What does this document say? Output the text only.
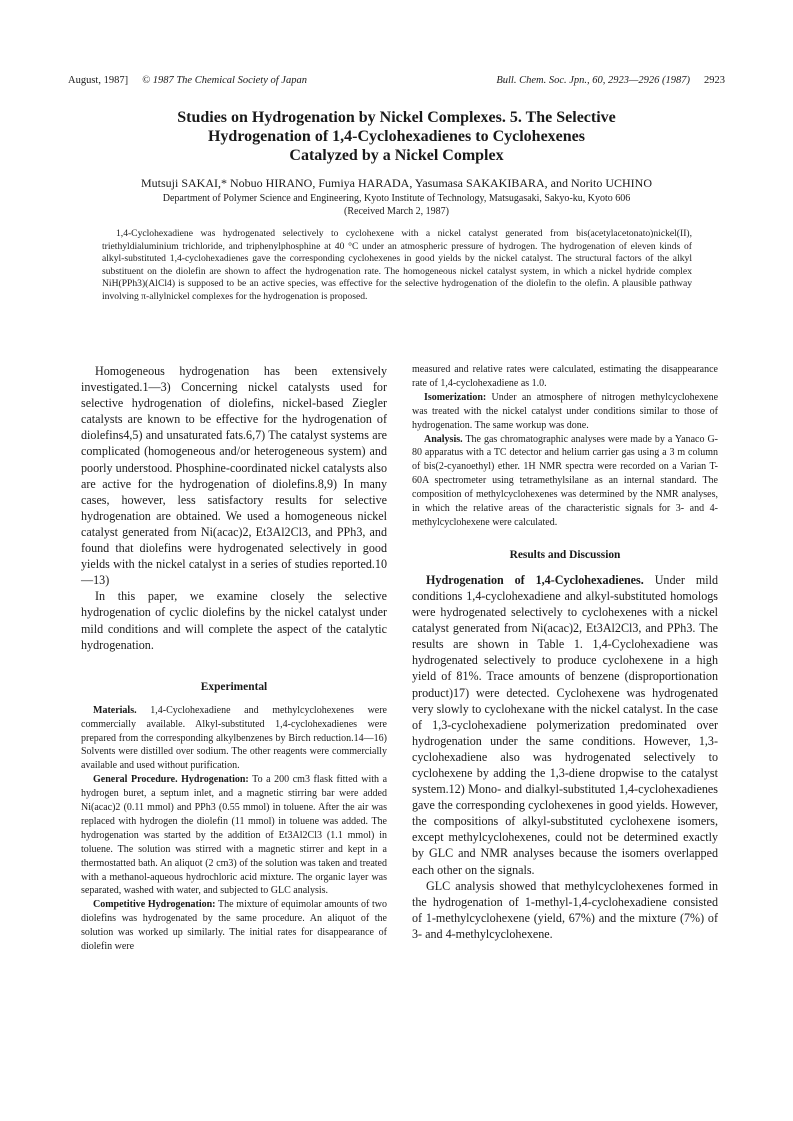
August, 1987] © 1987 The Chemical Society of Japan	Bull. Chem. Soc. Jpn., 60, 2923—2926 (1987) 2923
Studies on Hydrogenation by Nickel Complexes. 5. The Selective
Hydrogenation of 1,4-Cyclohexadienes to Cyclohexenes
Catalyzed by a Nickel Complex
Mutsuji SAKAI,* Nobuo HIRANO, Fumiya HARADA, Yasumasa SAKAKIBARA, and Norito UCHINO
Department of Polymer Science and Engineering, Kyoto Institute of Technology, Matsugasaki, Sakyo-ku, Kyoto 606
(Received March 2, 1987)

1,4-Cyclohexadiene was hydrogenated selectively to cyclohexene with a nickel catalyst generated from bis(acetylacetonato)nickel(II), triethyldialuminium trichloride, and triphenylphosphine at 40 °C under an atmospheric pressure of hydrogen. The hydrogenation of eleven kinds of alkyl-substituted 1,4-cyclohexadienes gave the corresponding cyclohexenes in good yields by the nickel catalyst. The structural factors of the alkyl substituent on the diolefin are shown to affect the hydrogenation rate. The homogeneous nickel catalyst system, in which a nickel hydride complex NiH(PPh3)(AlCl4) is supposed to be an active species, was effective for the selective hydrogenation of the diolefin to the olefin. A plausible pathway involving π-allylnickel complexes for the hydrogenation is proposed.

Homogeneous hydrogenation has been extensively investigated.1—3) Concerning nickel catalysts used for selective hydrogenation of diolefins, nickel-based Ziegler catalysts are known to be effective for the hydrogenation of diolefins4,5) and unsaturated fats.6,7) The catalyst systems are complicated (homogeneous and/or heterogeneous system) and poorly understood. Phosphine-coordinated nickel catalysts also are active for the hydrogenation of diolefins.8,9) In many cases, however, less satisfactory results for selective hydrogenation are obtained. We used a homogeneous nickel catalyst generated from Ni(acac)2, Et3Al2Cl3, and PPh3, and found that diolefins were hydrogenated selectively in good yields with the nickel catalyst in a series of studies reported.10—13)

In this paper, we examine closely the selective hydrogenation of cyclic diolefins by the nickel catalyst under mild conditions and will complete the aspect of the catalytic hydrogenation.

Experimental

Materials. 1,4-Cyclohexadiene and methylcyclohexenes were commercially available. Alkyl-substituted 1,4-cyclohexadienes were prepared from the corresponding alkylbenzenes by Birch reduction.14—16) Solvents were distilled over sodium. The other reagents were commercially available and used without purification.

General Procedure. Hydrogenation: To a 200 cm3 flask fitted with a hydrogen buret, a septum inlet, and a magnetic stirring bar were added Ni(acac)2 (0.11 mmol) and PPh3 (0.55 mmol) in toluene. After the air was replaced with hydrogen the diolefin (11 mmol) in toluene was added. The hydrogenation was started by the addition of Et3Al2Cl3 (1.1 mmol) in toluene. The solution was stirred with a magnetic stirrer and kept in a thermostatted bath. An aliquot (2 cm3) of the solution was taken and treated with a methanol-aqueous hydrochloric acid mixture. The organic layer was separated, washed with water, and subjected to GLC analysis.

Competitive Hydrogenation: The mixture of equimolar amounts of two diolefins was hydrogenated by the same procedure. An aliquot of the solution was worked up similarly. The initial rates for disappearance of diolefin were

measured and relative rates were calculated, estimating the disappearance rate of 1,4-cyclohexadiene as 1.0.

Isomerization: Under an atmosphere of nitrogen methylcyclohexene was treated with the nickel catalyst under conditions similar to those of hydrogenation. The same workup was done.

Analysis. The gas chromatographic analyses were made by a Yanaco G-80 apparatus with a TC detector and helium carrier gas using a 3 m column of bis(2-cyanoethyl) ether. 1H NMR spectra were recorded on a Varian T-60A spectrometer using tetramethylsilane as an internal standard. The composition of methylcyclohexenes was determined by the NMR analyses, in which the relative areas of the characteristic signals for 3- and 4-methylcyclohexene were calculated.

Results and Discussion

Hydrogenation of 1,4-Cyclohexadienes. Under mild conditions 1,4-cyclohexadiene and alkyl-substituted homologs were hydrogenated selectively to cyclohexenes with a nickel catalyst generated from Ni(acac)2, Et3Al2Cl3, and PPh3. The results are shown in Table 1. 1,4-Cyclohexadiene was hydrogenated selectively to produce cyclohexene in a high yield of 81%. Trace amounts of benzene (disproportionation product)17) were detected. Cyclohexene was hydrogenated very slowly to cyclohexane with the nickel catalyst. In the case of 1,3-cyclohexadiene polymerization predominated over hydrogenation under the same conditions. However, 1,3-cyclohexadiene also was hydrogenated selectively to cyclohexene by adding the 1,3-diene dropwise to the catalyst system.12) Mono- and dialkyl-substituted 1,4-cyclohexadienes gave the corresponding cyclohexenes in good yields. However, the compositions of alkyl-substituted cyclohexene isomers, except methylcyclohexenes, could not be determined exactly by GLC and NMR analyses because the isomers overlapped each other on the signals.

GLC analysis showed that methylcyclohexenes formed in the hydrogenation of 1-methyl-1,4-cyclohexadiene consisted of 1-methylcyclohexene (yield, 67%) and the mixture (7%) of 3- and 4-methylcyclohexene.
